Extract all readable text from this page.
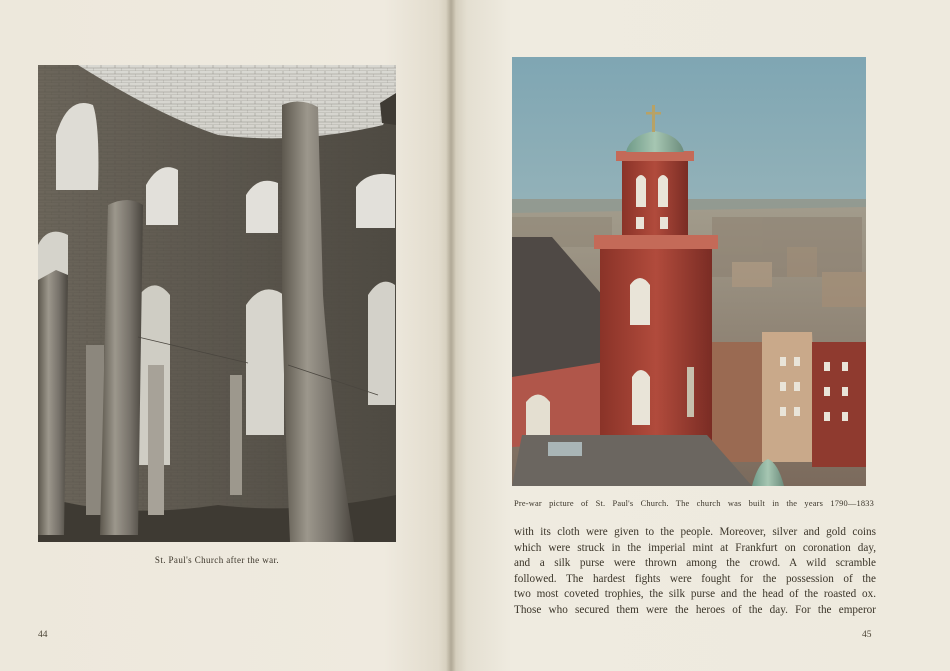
St. Paul's Church after the war.
44
Pre-war picture of St. Paul's Church. The church was built in the years 1790—1833
with its cloth were given to the people. Moreover, silver and gold coins
which were struck in the imperial mint at Frankfurt on coronation day,
and a silk purse were thrown among the crowd. A wild scramble
followed. The hardest fights were fought for the possession of the
two most coveted trophies, the silk purse and the head of the roasted ox.
Those who secured them were the heroes of the day. For the emperor
45
